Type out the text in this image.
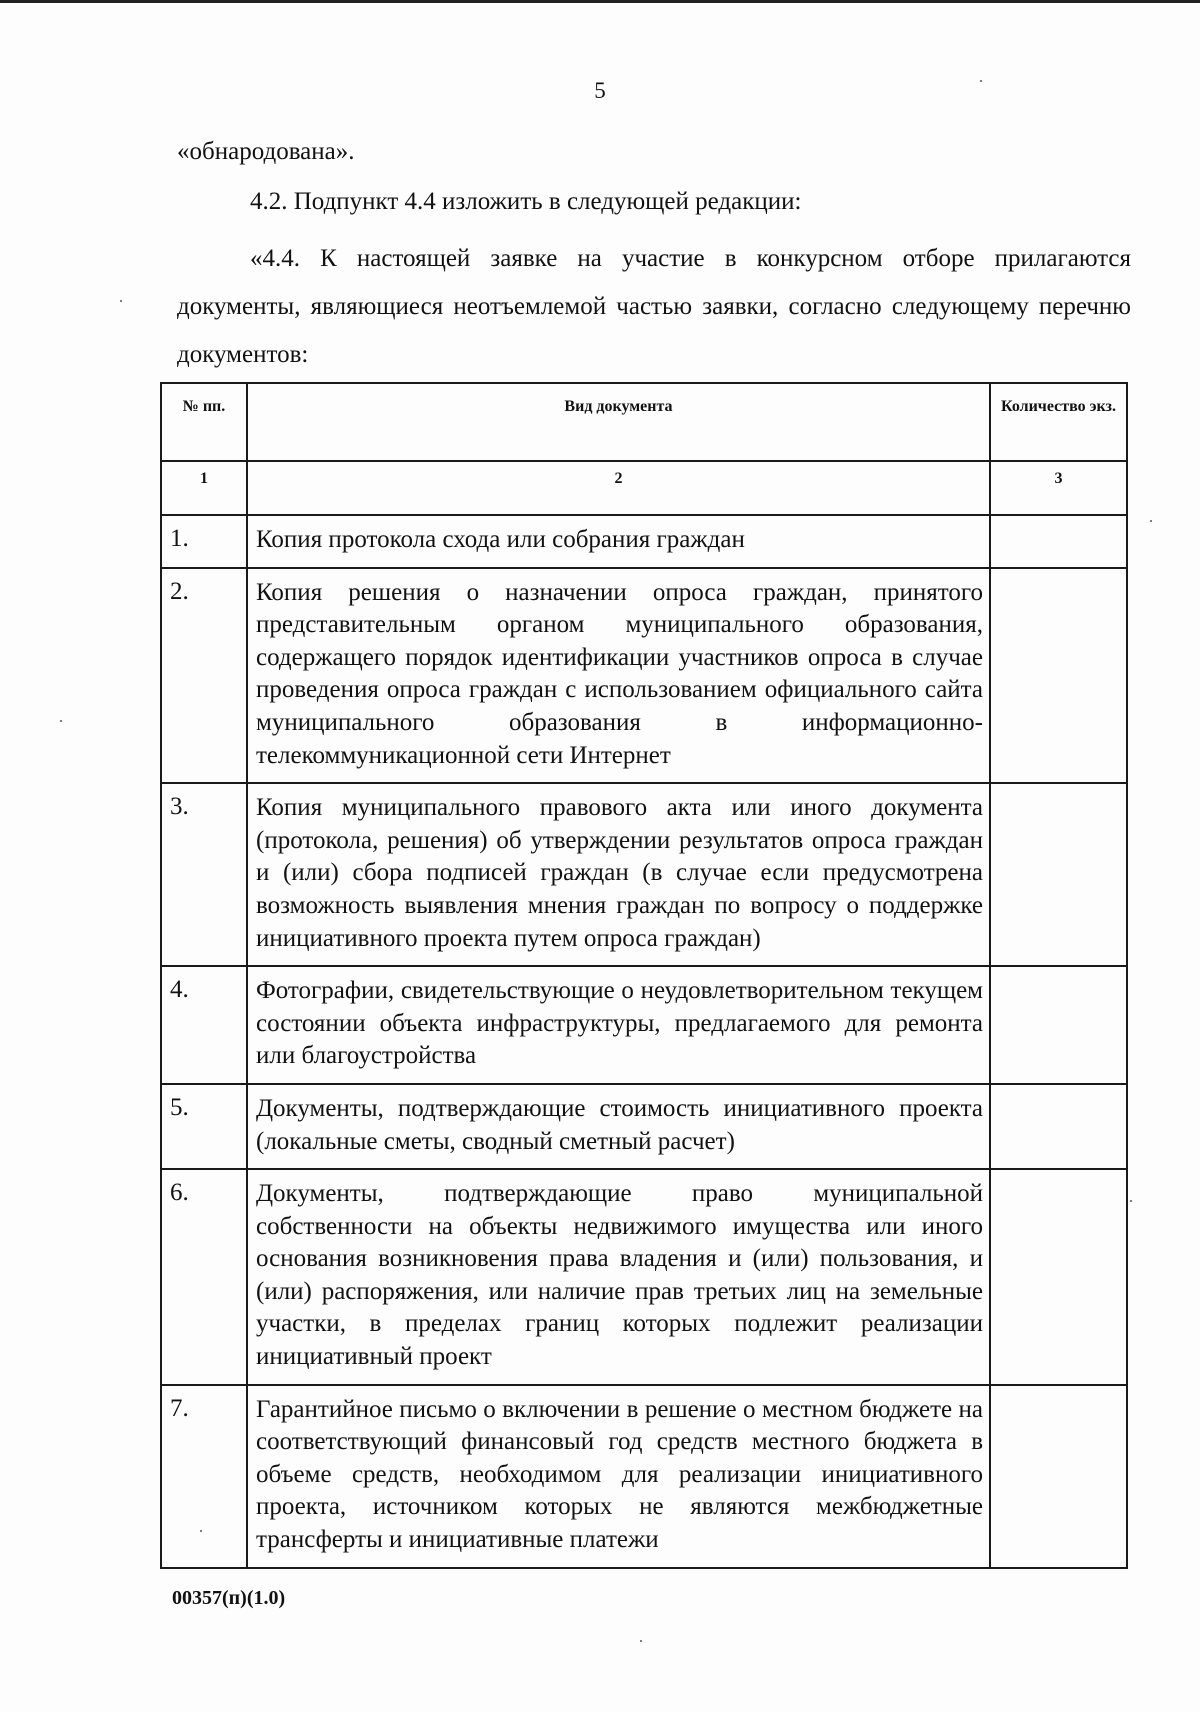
5
«обнародована».
4.2. Подпункт 4.4 изложить в следующей редакции:
«4.4. К настоящей заявке на участие в конкурсном отборе прилагаются документы, являющиеся неотъемлемой частью заявки, согласно следующему перечню документов:
№ пп.	Вид документа	Количество экз.
1	2	3
1.	Копия протокола схода или собрания граждан	
2.	Копия решения о назначении опроса граждан, принятого представительным органом муниципального образования, содержащего порядок идентификации участников опроса в случае проведения опроса граждан с использованием официального сайта муниципального образования в информационно-телекоммуникационной сети Интернет	
3.	Копия муниципального правового акта или иного документа (протокола, решения) об утверждении результатов опроса граждан и (или) сбора подписей граждан (в случае если предусмотрена возможность выявления мнения граждан по вопросу о поддержке инициативного проекта путем опроса граждан)	
4.	Фотографии, свидетельствующие о неудовлетворительном текущем состоянии объекта инфраструктуры, предлагаемого для ремонта или благоустройства	
5.	Документы, подтверждающие стоимость инициативного проекта (локальные сметы, сводный сметный расчет)	
6.	Документы, подтверждающие право муниципальной собственности на объекты недвижимого имущества или иного основания возникновения права владения и (или) пользования, и (или) распоряжения, или наличие прав третьих лиц на земельные участки, в пределах границ которых подлежит реализации инициативный проект	
7.	Гарантийное письмо о включении в решение о местном бюджете на соответствующий финансовый год средств местного бюджета в объеме средств, необходимом для реализации инициативного проекта, источником которых не являются межбюджетные трансферты и инициативные платежи	
00357(п)(1.0)
